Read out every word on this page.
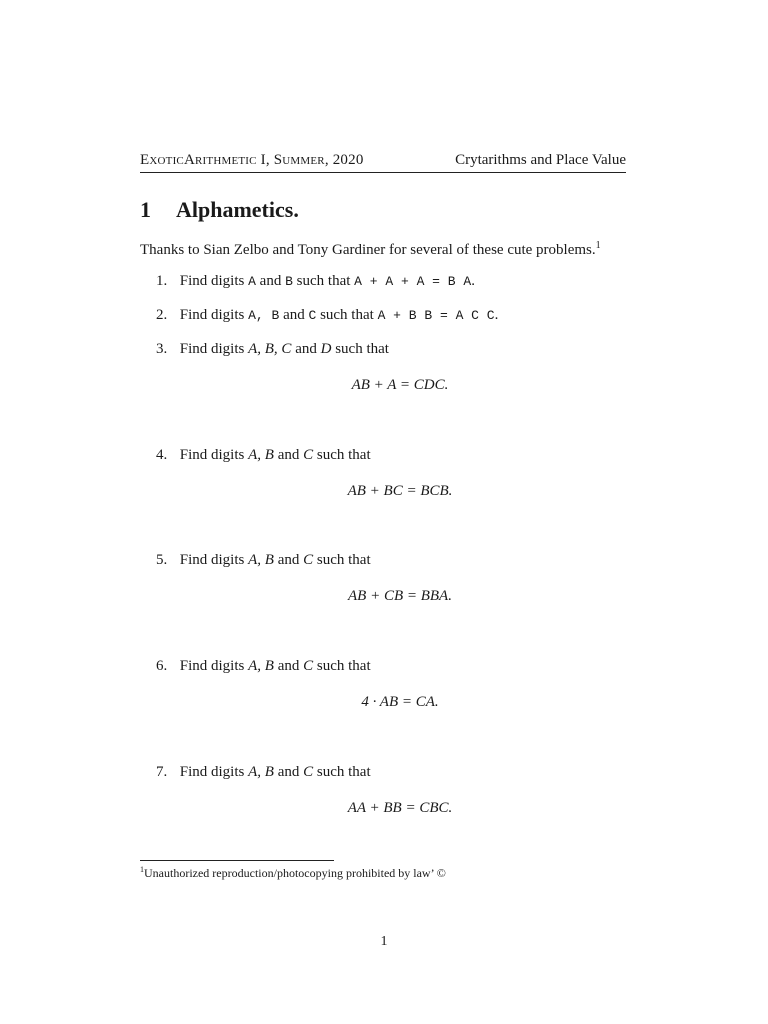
ExoticArithmetic I, Summer, 2020	Crytarithms and Place Value
1 Alphametics.
Thanks to Sian Zelbo and Tony Gardiner for several of these cute problems.$^1$
1. Find digits A and B such that A + A + A = B A.
2. Find digits A, B and C such that A + B B = A C C.
3. Find digits A, B, C and D such that
AB + A = CDC.
4. Find digits A, B and C such that
AB + BC = BCB.
5. Find digits A, B and C such that
AB + CB = BBA.
6. Find digits A, B and C such that
4 · AB = CA.
7. Find digits A, B and C such that
AA + BB = CBC.
$^1$Unauthorized reproduction/photocopying prohibited by law’ ©
1
